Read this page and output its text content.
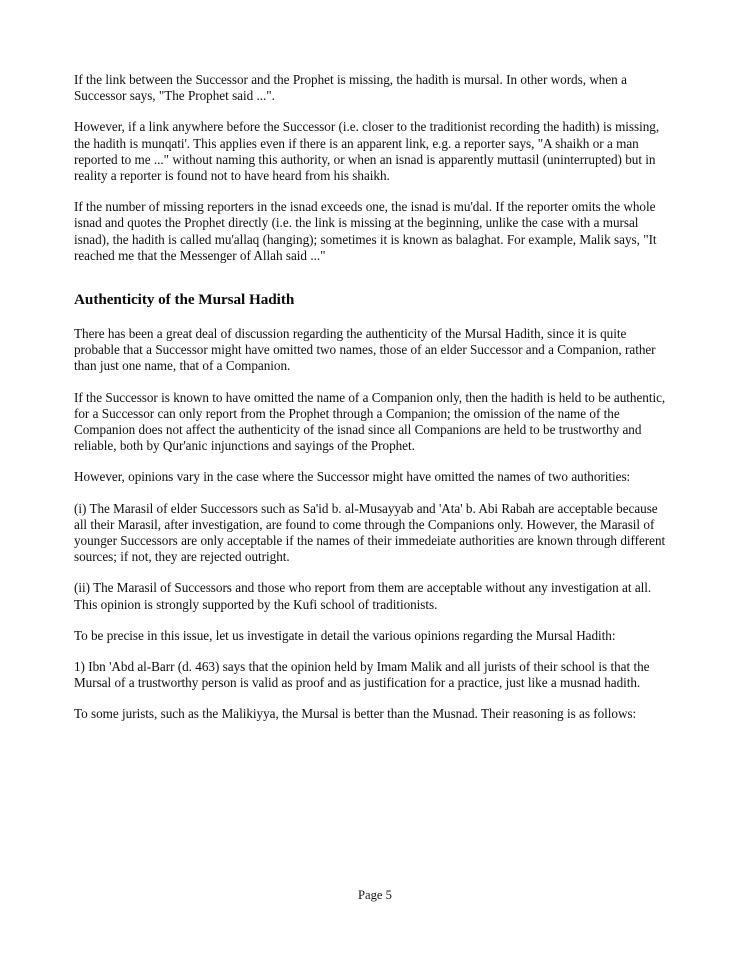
If the link between the Successor and the Prophet is missing, the hadith is mursal. In other words, when a Successor says, "The Prophet said ...".

However, if a link anywhere before the Successor (i.e. closer to the traditionist recording the hadith) is missing, the hadith is munqati'. This applies even if there is an apparent link, e.g. a reporter says, "A shaikh or a man reported to me ..." without naming this authority, or when an isnad is apparently muttasil (uninterrupted) but in reality a reporter is found not to have heard from his shaikh.

If the number of missing reporters in the isnad exceeds one, the isnad is mu'dal. If the reporter omits the whole isnad and quotes the Prophet directly (i.e. the link is missing at the beginning, unlike the case with a mursal isnad), the hadith is called mu'allaq (hanging); sometimes it is known as balaghat. For example, Malik says, "It reached me that the Messenger of Allah said ..."

Authenticity of the Mursal Hadith

There has been a great deal of discussion regarding the authenticity of the Mursal Hadith, since it is quite probable that a Successor might have omitted two names, those of an elder Successor and a Companion, rather than just one name, that of a Companion.

If the Successor is known to have omitted the name of a Companion only, then the hadith is held to be authentic, for a Successor can only report from the Prophet through a Companion; the omission of the name of the Companion does not affect the authenticity of the isnad since all Companions are held to be trustworthy and reliable, both by Qur'anic injunctions and sayings of the Prophet.

However, opinions vary in the case where the Successor might have omitted the names of two authorities:

(i) The Marasil of elder Successors such as Sa'id b. al-Musayyab and 'Ata' b. Abi Rabah are acceptable because all their Marasil, after investigation, are found to come through the Companions only. However, the Marasil of younger Successors are only acceptable if the names of their immedeiate authorities are known through different sources; if not, they are rejected outright.

(ii) The Marasil of Successors and those who report from them are acceptable without any investigation at all. This opinion is strongly supported by the Kufi school of traditionists.

To be precise in this issue, let us investigate in detail the various opinions regarding the Mursal Hadith:

1) Ibn 'Abd al-Barr (d. 463) says that the opinion held by Imam Malik and all jurists of their school is that the Mursal of a trustworthy person is valid as proof and as justification for a practice, just like a musnad hadith.

To some jurists, such as the Malikiyya, the Mursal is better than the Musnad. Their reasoning is as follows:

Page 5
